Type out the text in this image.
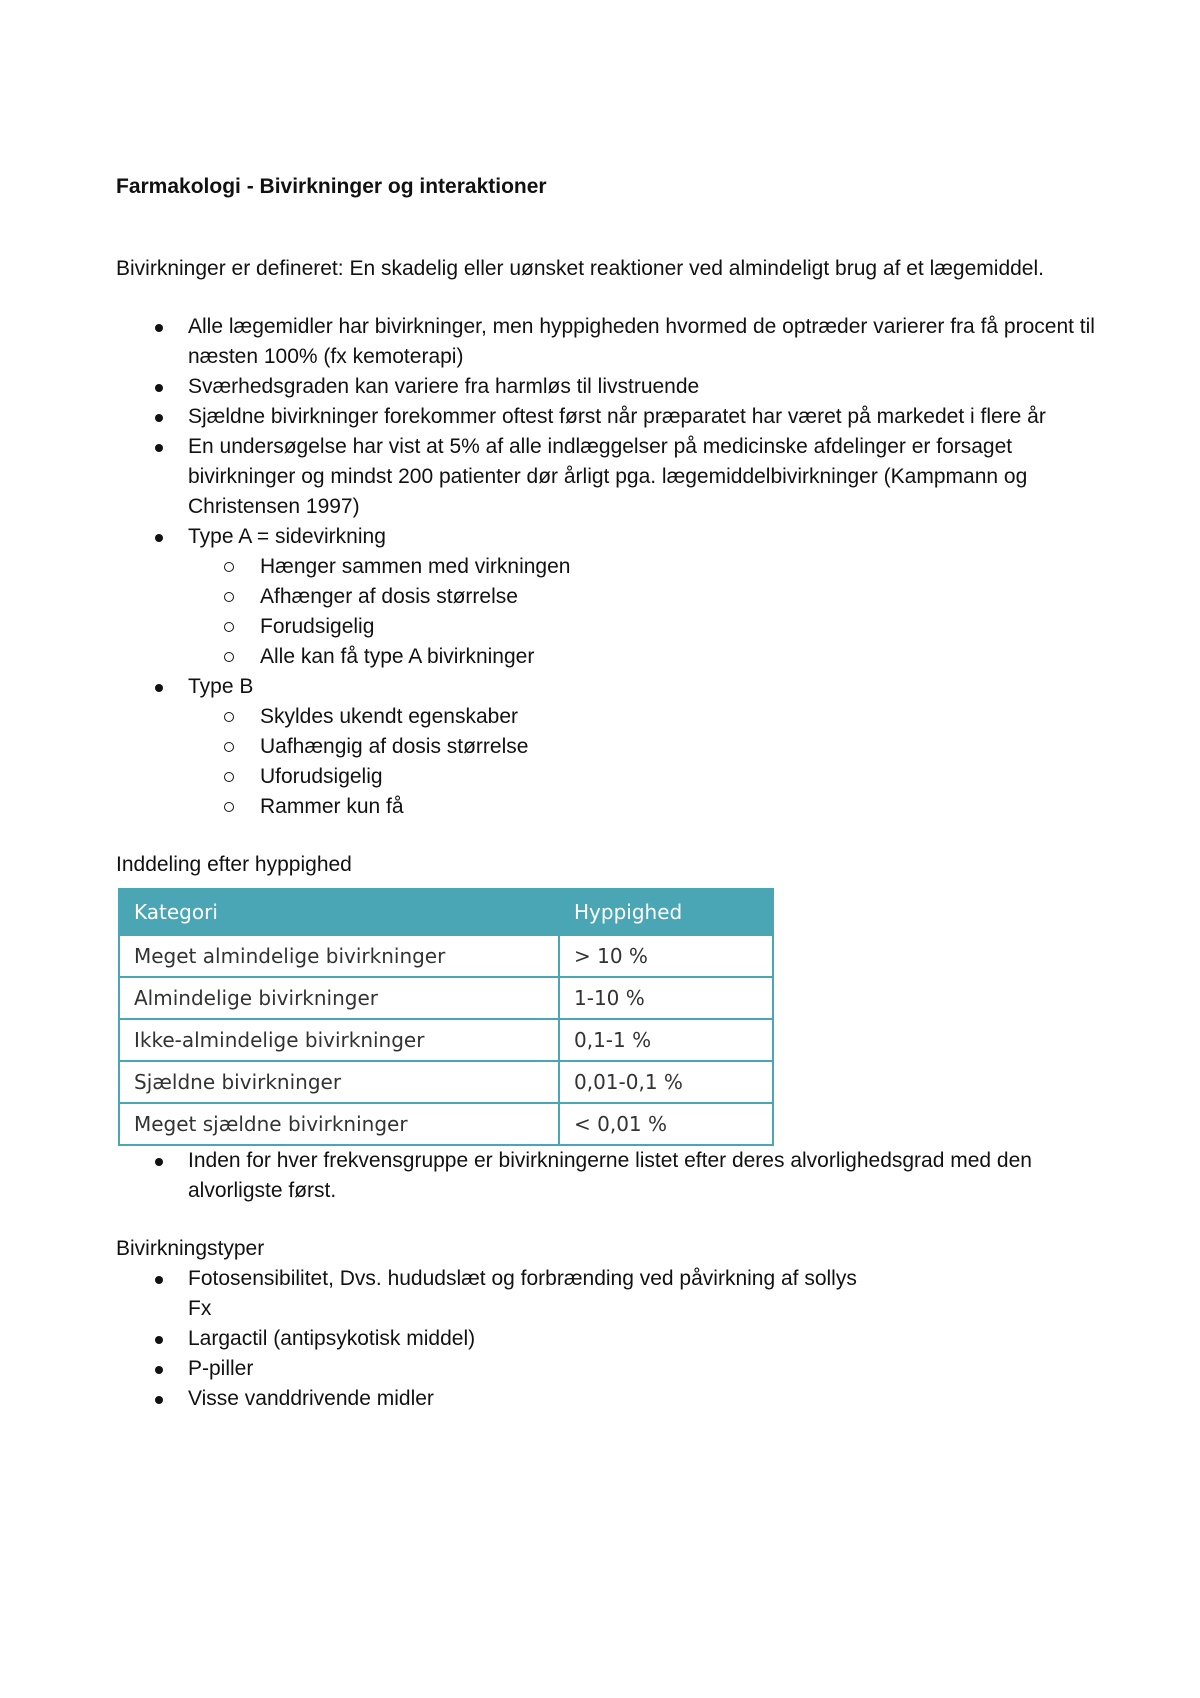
Farmakologi - Bivirkninger og interaktioner

Bivirkninger er defineret: En skadelig eller uønsket reaktioner ved almindeligt brug af et lægemiddel.

Alle lægemidler har bivirkninger, men hyppigheden hvormed de optræder varierer fra få procent til næsten 100% (fx kemoterapi)
Sværhedsgraden kan variere fra harmløs til livstruende
Sjældne bivirkninger forekommer oftest først når præparatet har været på markedet i flere år
En undersøgelse har vist at 5% af alle indlæggelser på medicinske afdelinger er forsaget bivirkninger og mindst 200 patienter dør årligt pga. lægemiddelbivirkninger (Kampmann og Christensen 1997)
Type A = sidevirkning
Hænger sammen med virkningen
Afhænger af dosis størrelse
Forudsigelig
Alle kan få type A bivirkninger
Type B
Skyldes ukendt egenskaber
Uafhængig af dosis størrelse
Uforudsigelig
Rammer kun få

Inddeling efter hyppighed

Kategori	Hyppighed
Meget almindelige bivirkninger	> 10 %
Almindelige bivirkninger	1-10 %
Ikke-almindelige bivirkninger	0,1-1 %
Sjældne bivirkninger	0,01-0,1 %
Meget sjældne bivirkninger	< 0,01 %
Inden for hver frekvensgruppe er bivirkningerne listet efter deres alvorlighedsgrad med den alvorligste først.

Bivirkningstyper

Fotosensibilitet, Dvs. hududslæt og forbrænding ved påvirkning af sollys
Fx
Largactil (antipsykotisk middel)
P-piller
Visse vanddrivende midler
